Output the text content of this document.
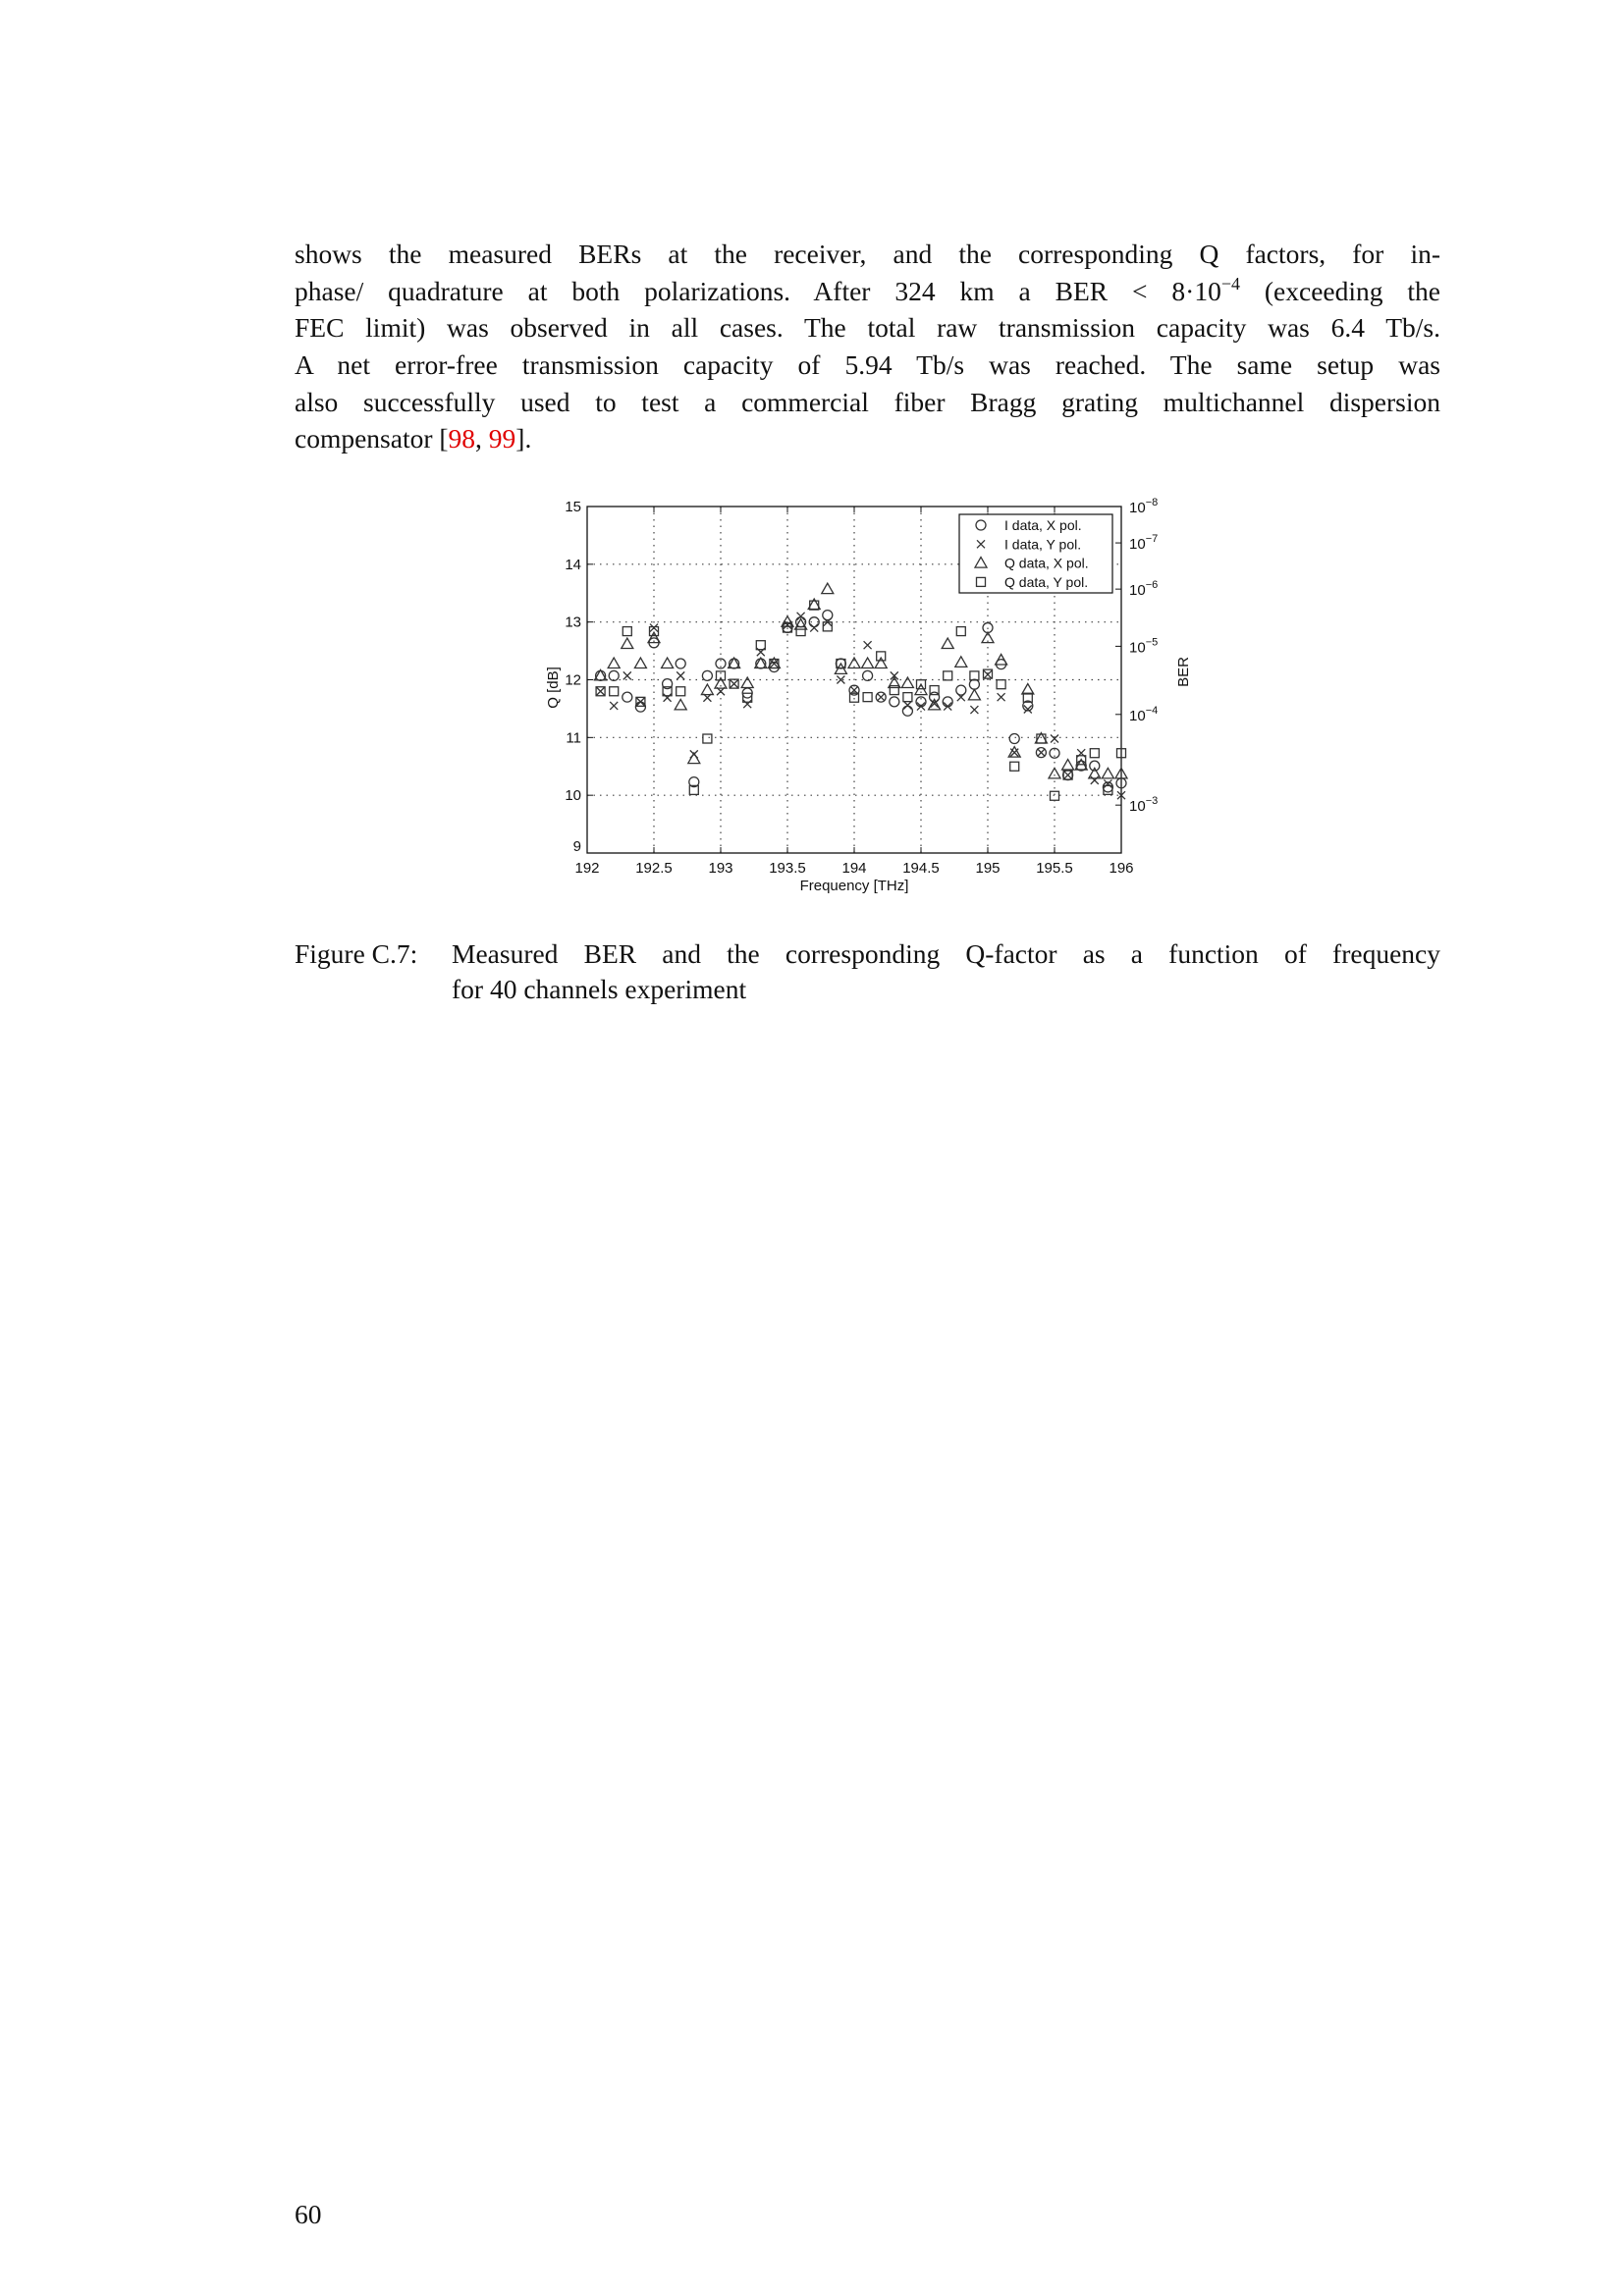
shows the measured BERs at the receiver, and the corresponding Q factors, for in-
phase/ quadrature at both polarizations. After 324 km a BER < $8\cdot 10^{-4}$ (exceeding the
FEC limit) was observed in all cases. The total raw transmission capacity was 6.4 Tb/s.
A net error-free transmission capacity of 5.94 Tb/s was reached. The same setup was
also successfully used to test a commercial fiber Bragg grating multichannel dispersion
compensator [98, 99].
192 192.5 193 193.5 194 194.5 195 195.5 196
9
10
11
12
13
14
15	$10^{-8}$
$10^{-7}$
$10^{-6}$
$10^{-5}$
$10^{-4}$
$10^{-3}$
Frequency [THz]
Q [dB]	BER
I data, X pol.
I data, Y pol.
Q data, X pol.
Q data, Y pol.
Figure C.7: Measured BER and the corresponding Q-factor as a function of frequency
for 40 channels experiment
60
